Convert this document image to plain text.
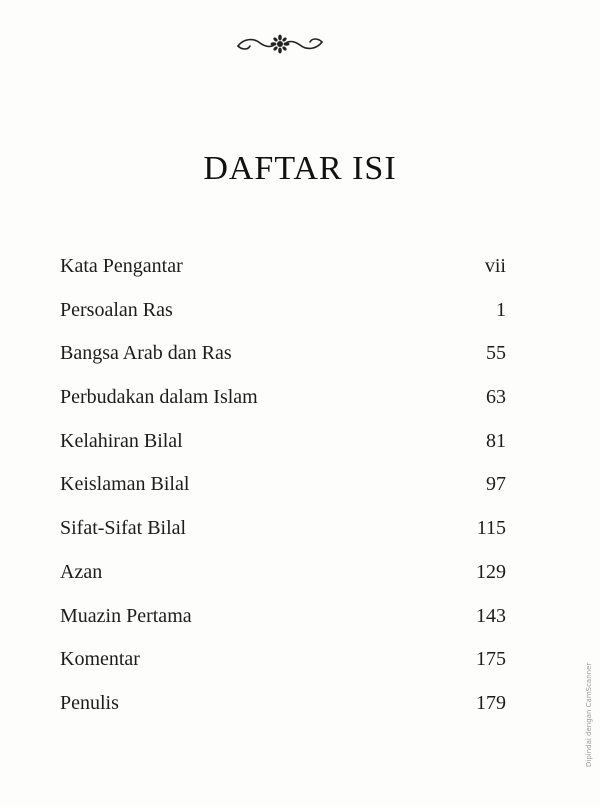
DAFTAR ISI
Kata Pengantar	vii
Persoalan Ras	1
Bangsa Arab dan Ras	55
Perbudakan dalam Islam	63
Kelahiran Bilal	81
Keislaman Bilal	97
Sifat-Sifat Bilal	115
Azan	129
Muazin Pertama	143
Komentar	175
Penulis	179	Dipindai dengan CamScanner
